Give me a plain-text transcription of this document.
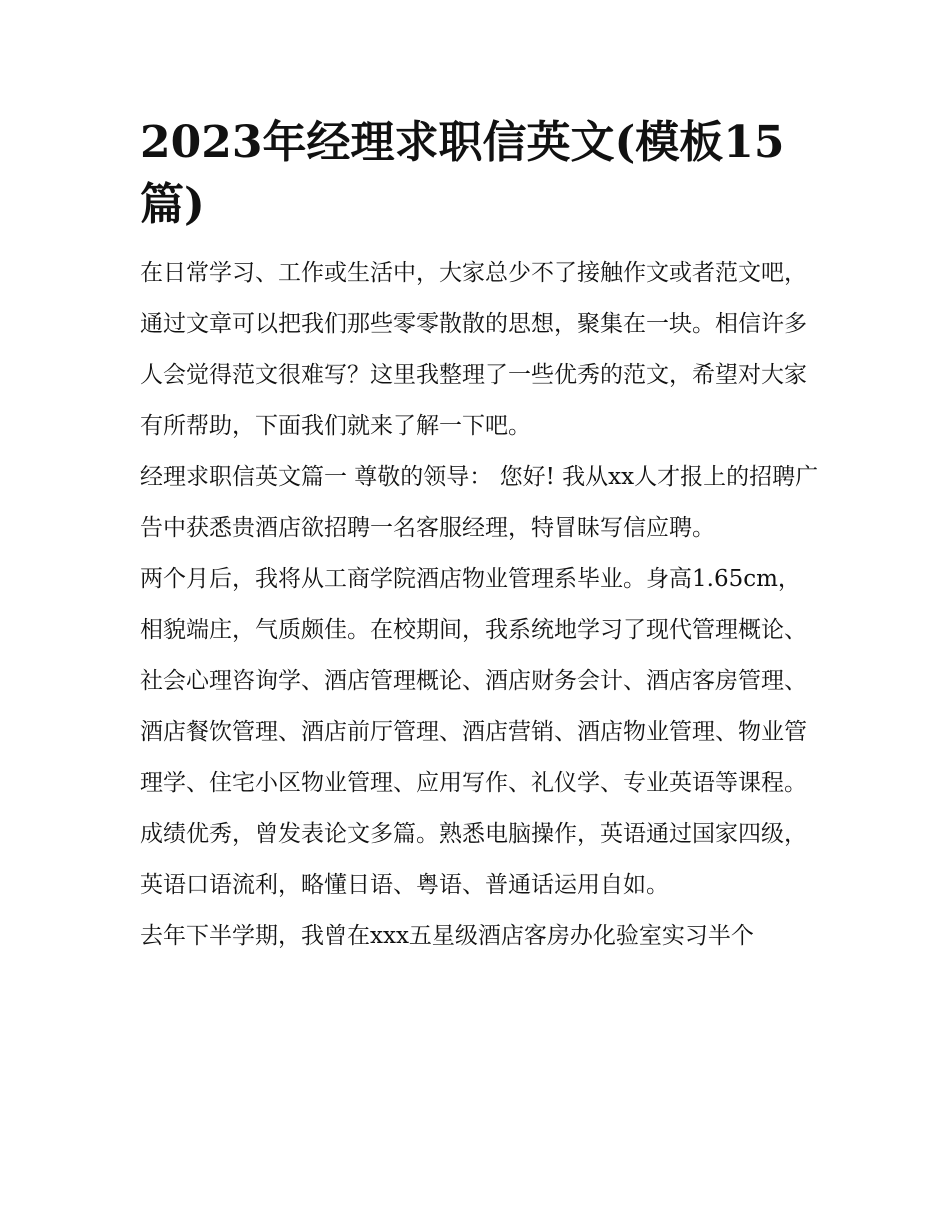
2023年经理求职信英文(模板15篇)

在日常学习、工作或生活中，大家总少不了接触作文或者范文吧，通过文章可以把我们那些零零散散的思想，聚集在一块。相信许多人会觉得范文很难写？这里我整理了一些优秀的范文，希望对大家有所帮助，下面我们就来了解一下吧。

经理求职信英文篇一 尊敬的领导： 您好! 我从xx人才报上的招聘广告中获悉贵酒店欲招聘一名客服经理，特冒昧写信应聘。

两个月后，我将从工商学院酒店物业管理系毕业。身高1.65cm，相貌端庄，气质颇佳。在校期间，我系统地学习了现代管理概论、社会心理咨询学、酒店管理概论、酒店财务会计、酒店客房管理、酒店餐饮管理、酒店前厅管理、酒店营销、酒店物业管理、物业管理学、住宅小区物业管理、应用写作、礼仪学、专业英语等课程。成绩优秀，曾发表论文多篇。熟悉电脑操作，英语通过国家四级，英语口语流利，略懂日语、粤语、普通话运用自如。

去年下半学期，我曾在xxx五星级酒店客房办化验室实习半个
